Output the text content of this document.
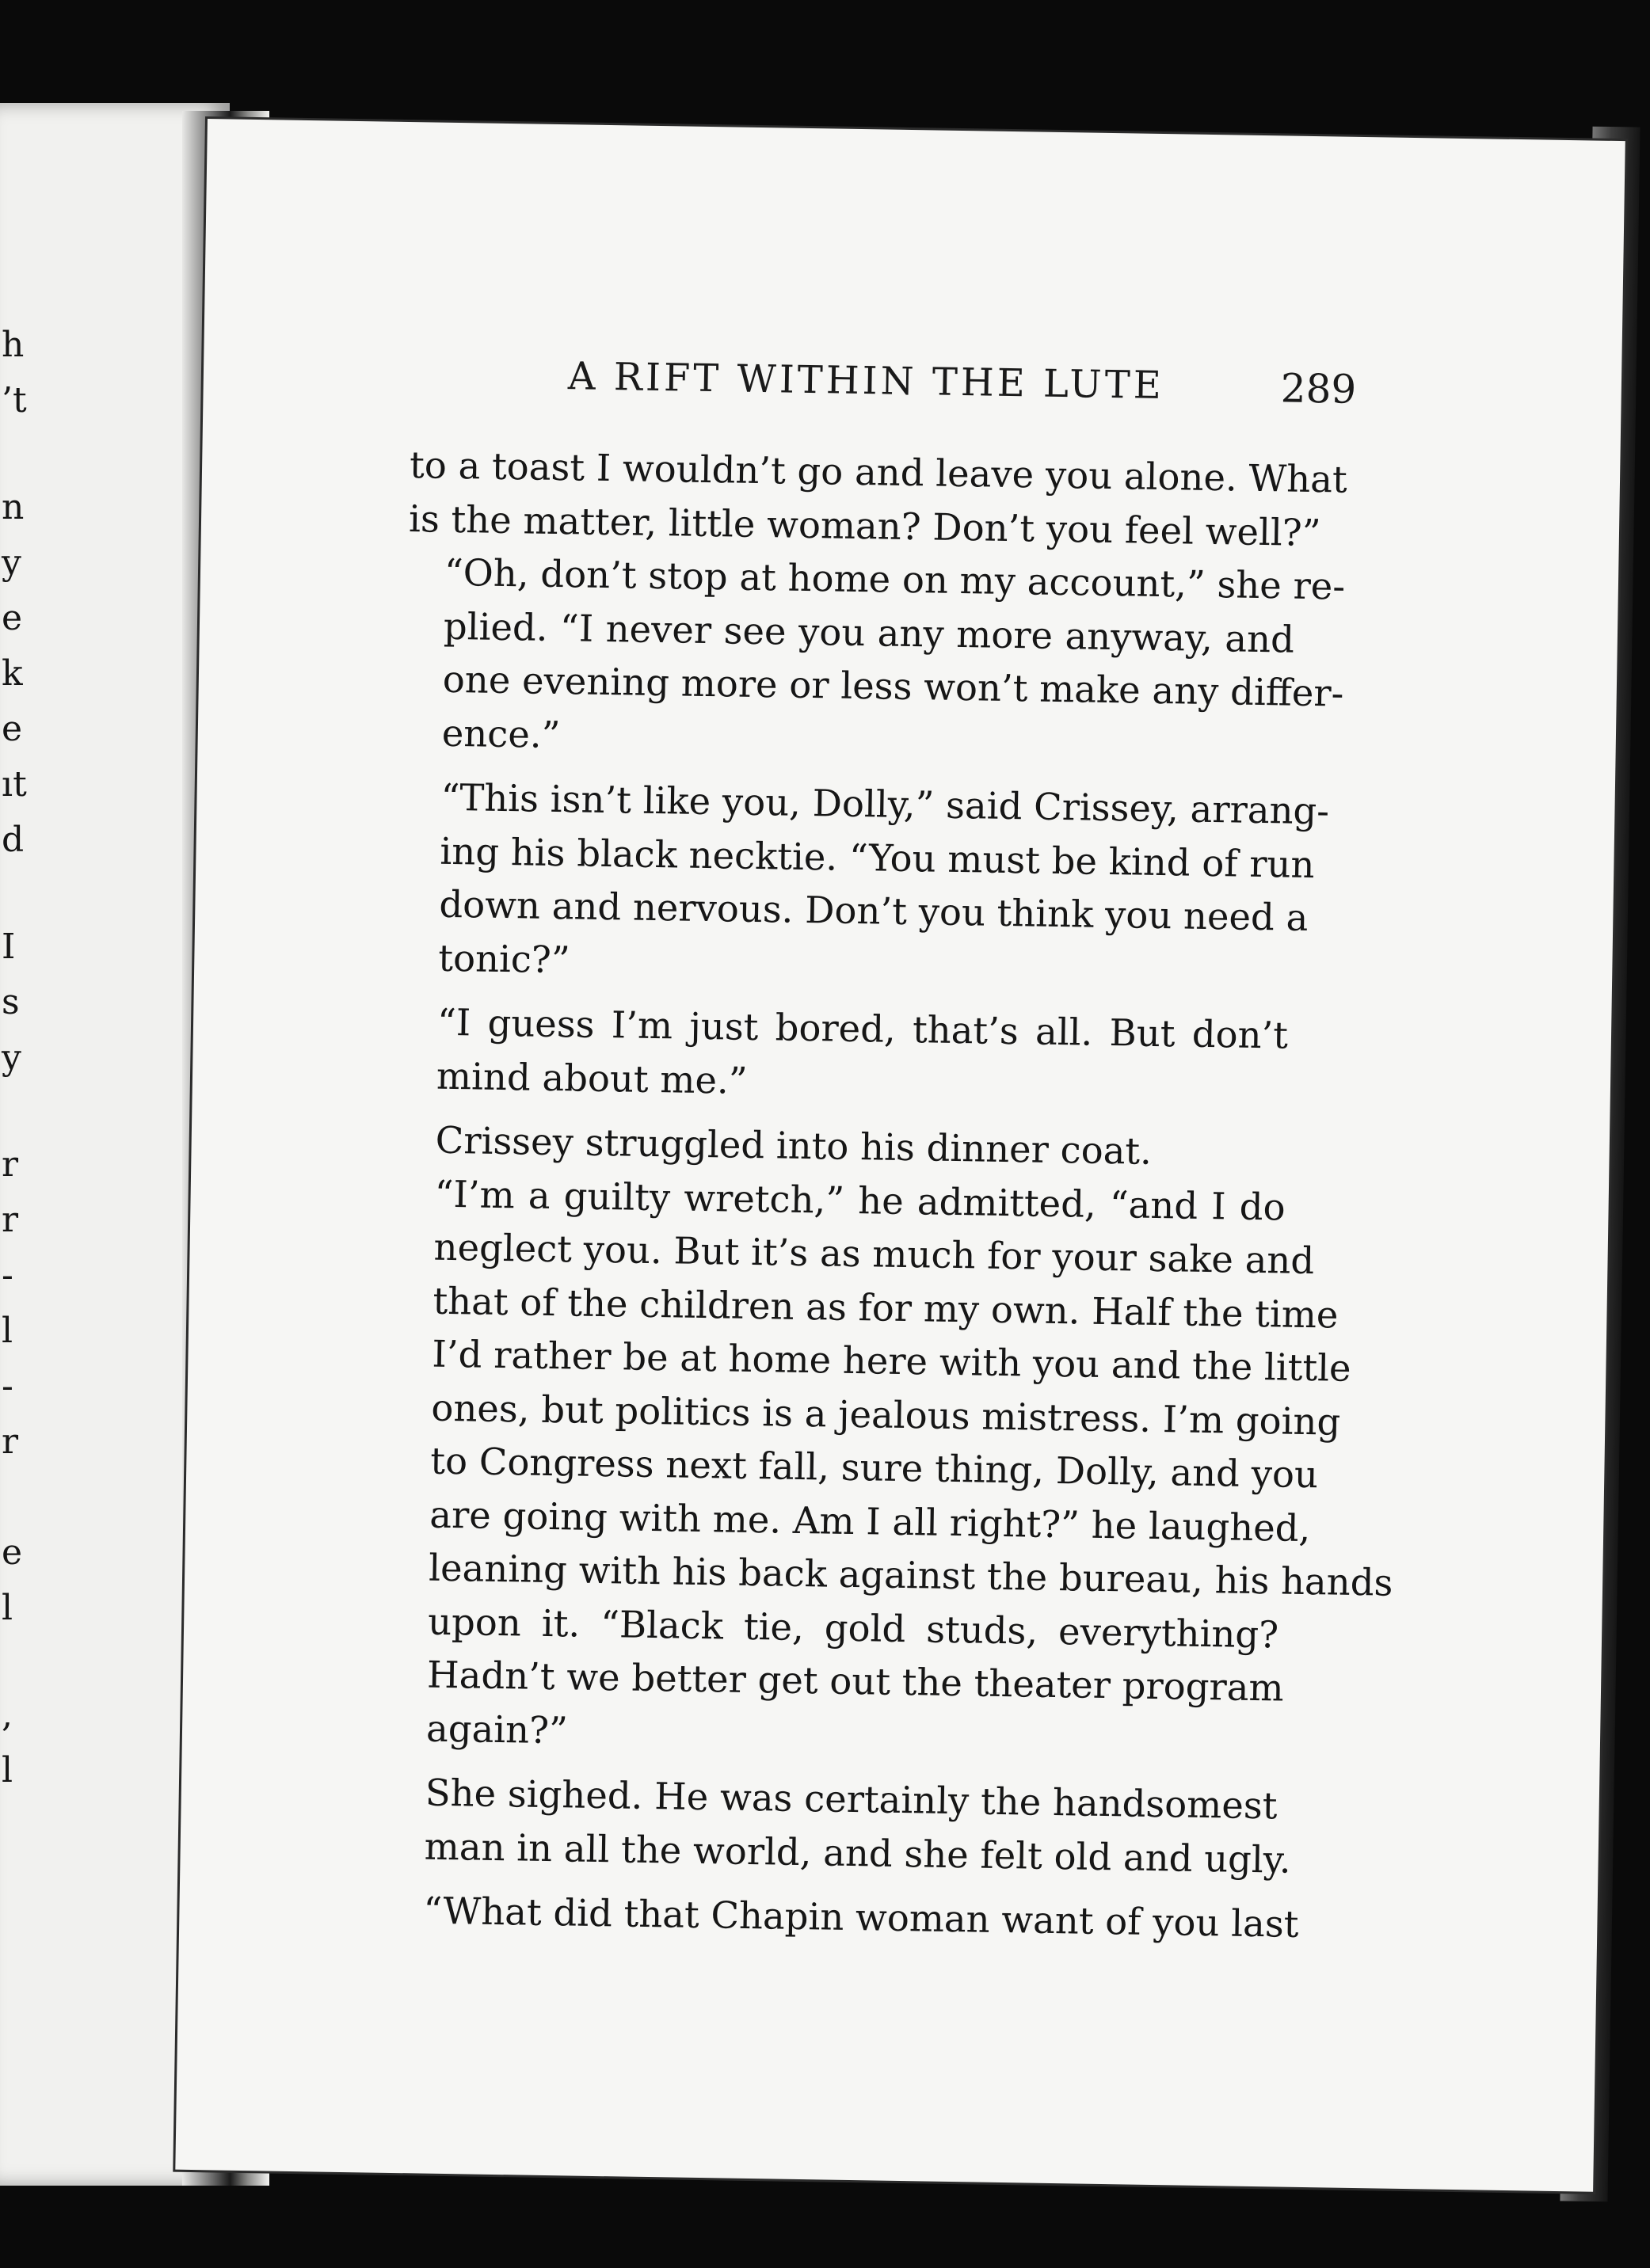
h
’t
n
y
e
k
e
ıt
d
I
s
y
r
r
-
l
-
r
e
l
,
l
A RIFT WITHIN THE LUTE	289

to a toast I wouldn’t go and leave you alone. What
is the matter, little woman? Don’t you feel well?”

“Oh, don’t stop at home on my account,” she re-
plied. “I never see you any more anyway, and
one evening more or less won’t make any differ-
ence.”

“This isn’t like you, Dolly,” said Crissey, arrang-
ing his black necktie. “You must be kind of run
down and nervous. Don’t you think you need a
tonic?”

“I guess I’m just bored, that’s all. But don’t
mind about me.”

Crissey struggled into his dinner coat.

“I’m a guilty wretch,” he admitted, “and I do
neglect you. But it’s as much for your sake and
that of the children as for my own. Half the time
I’d rather be at home here with you and the little
ones, but politics is a jealous mistress. I’m going
to Congress next fall, sure thing, Dolly, and you
are going with me. Am I all right?” he laughed,
leaning with his back against the bureau, his hands
upon it. “Black tie, gold studs, everything?
Hadn’t we better get out the theater program
again?”

She sighed. He was certainly the handsomest
man in all the world, and she felt old and ugly.

“What did that Chapin woman want of you last
